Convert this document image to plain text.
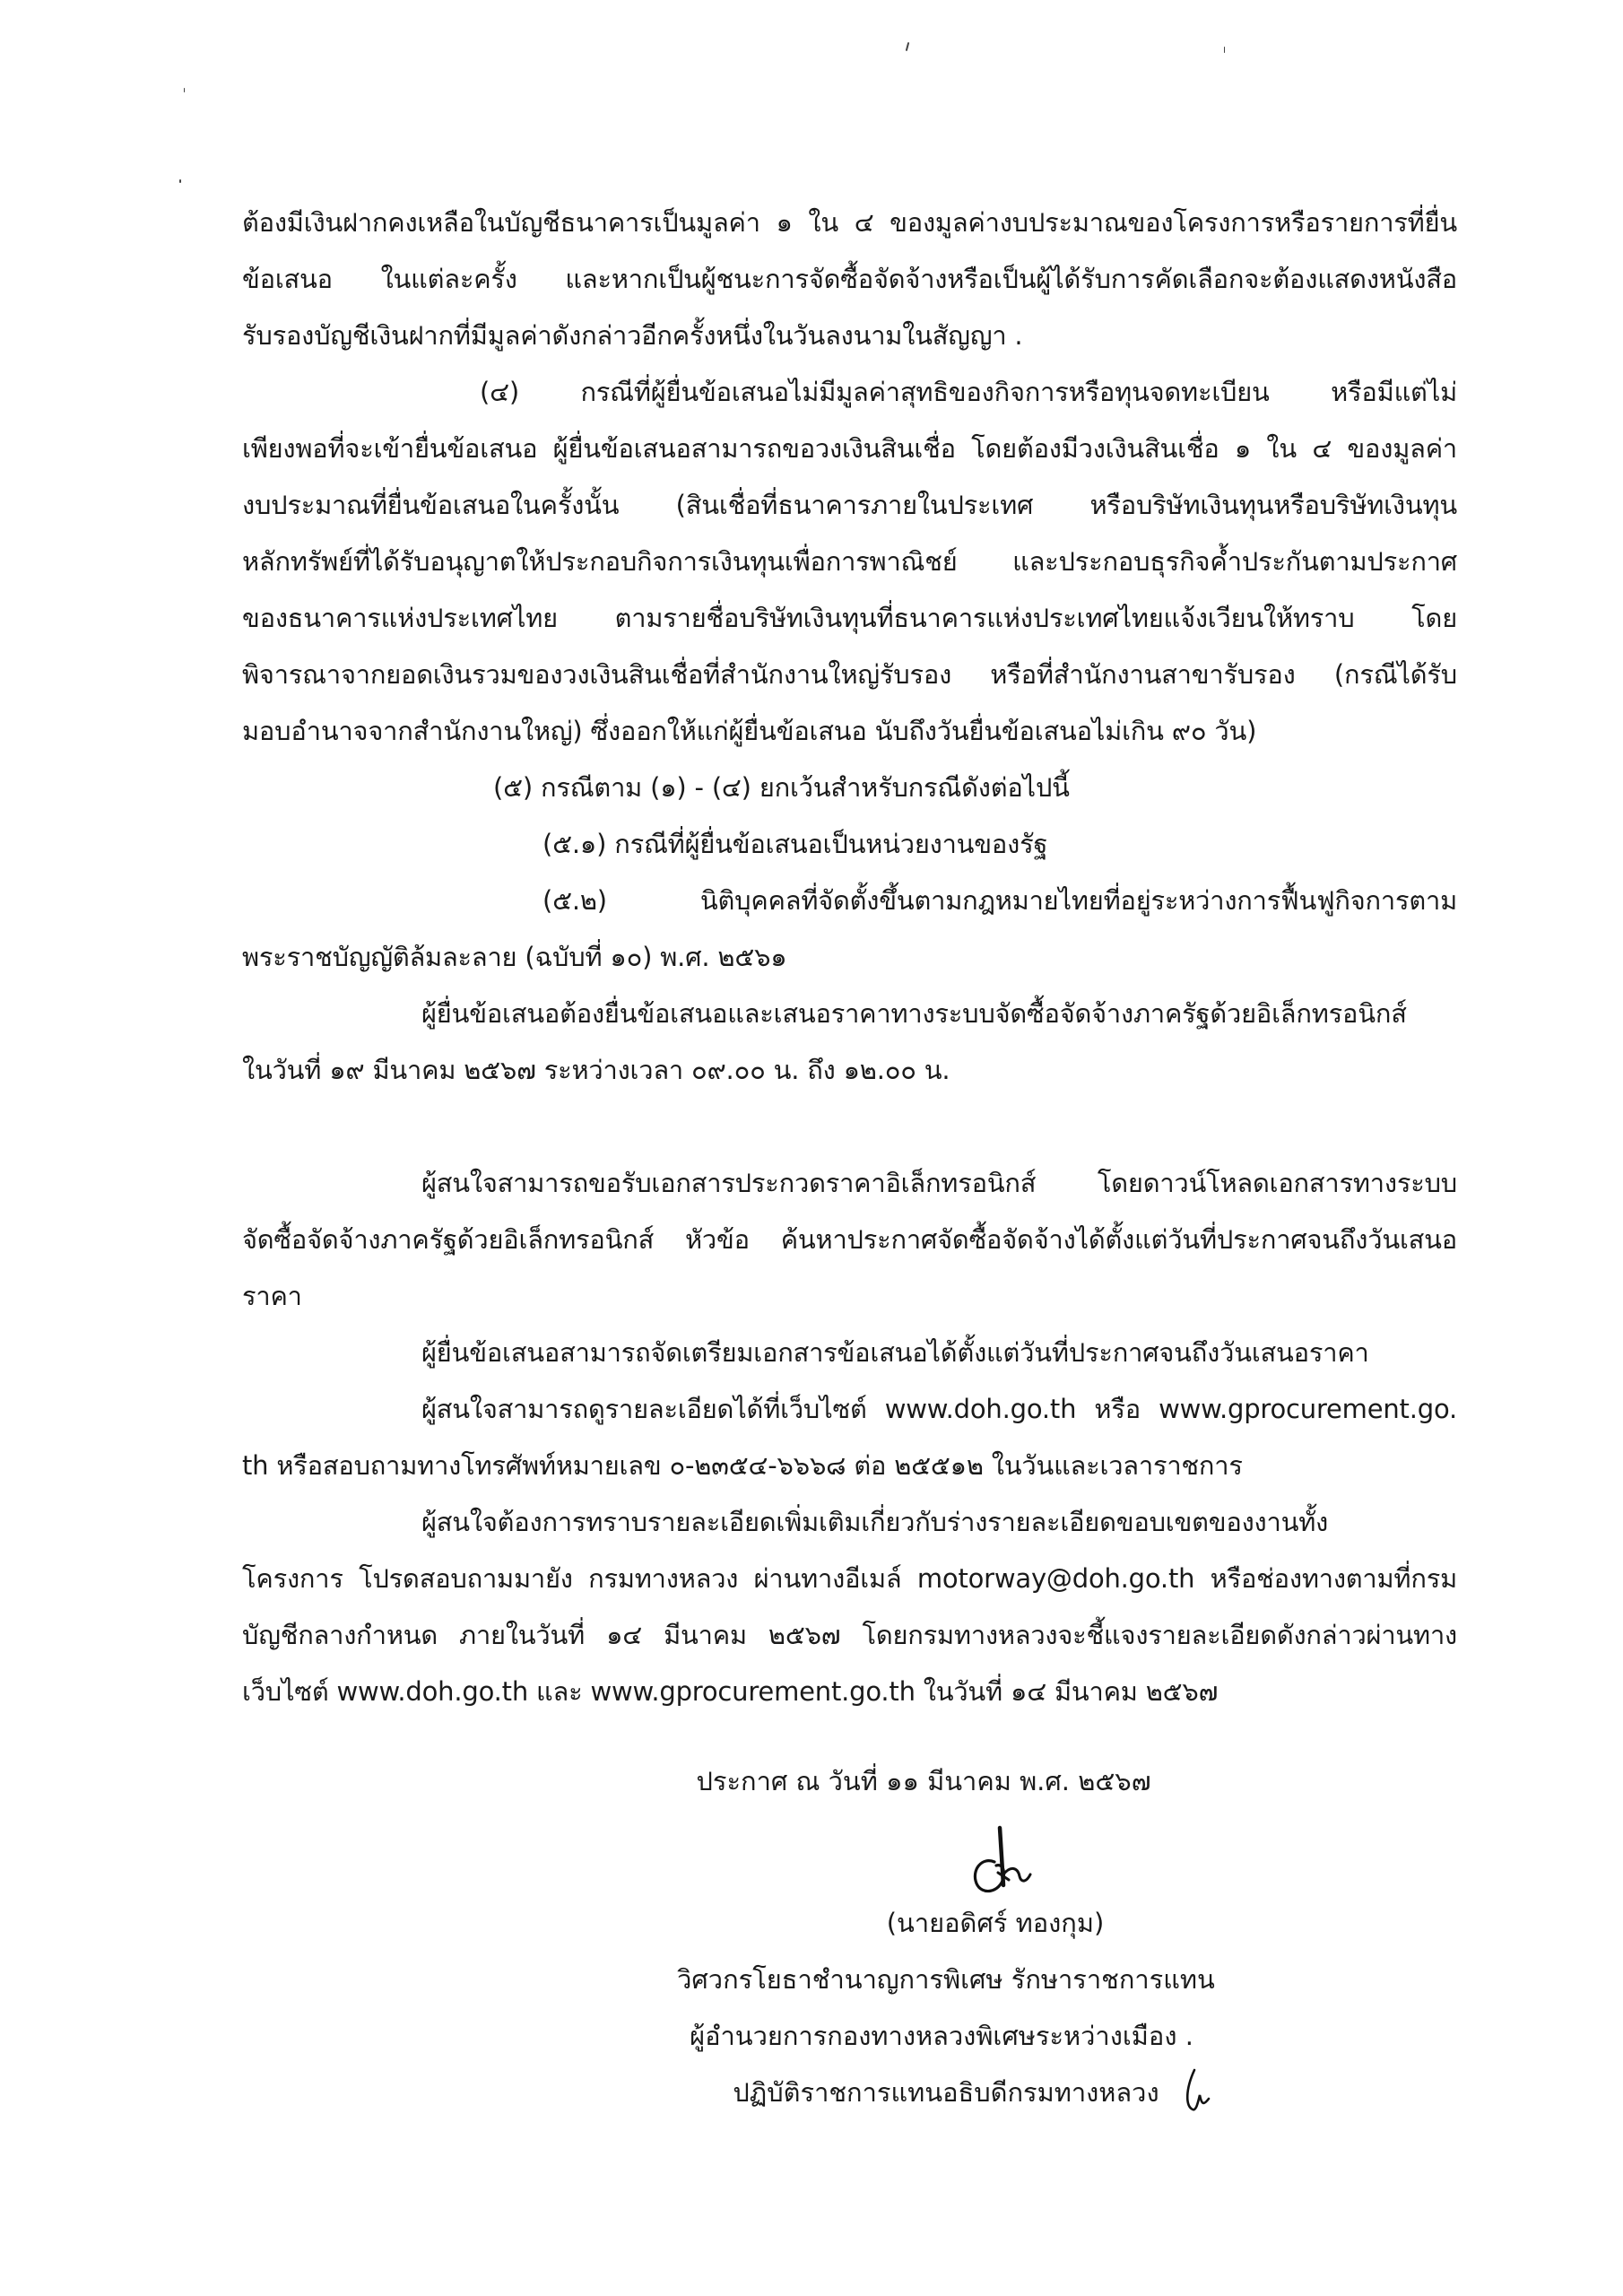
ต้องมีเงินฝากคงเหลือในบัญชีธนาคารเป็นมูลค่า ๑ ใน ๔ ของมูลค่างบประมาณของโครงการหรือรายการที่ยื่น
ข้อเสนอ ในแต่ละครั้ง และหากเป็นผู้ชนะการจัดซื้อจัดจ้างหรือเป็นผู้ได้รับการคัดเลือกจะต้องแสดงหนังสือ
รับรองบัญชีเงินฝากที่มีมูลค่าดังกล่าวอีกครั้งหนึ่งในวันลงนามในสัญญา .
(๔) กรณีที่ผู้ยื่นข้อเสนอไม่มีมูลค่าสุทธิของกิจการหรือทุนจดทะเบียน หรือมีแต่ไม่
เพียงพอที่จะเข้ายื่นข้อเสนอ ผู้ยื่นข้อเสนอสามารถขอวงเงินสินเชื่อ โดยต้องมีวงเงินสินเชื่อ ๑ ใน ๔ ของมูลค่า
งบประมาณที่ยื่นข้อเสนอในครั้งนั้น (สินเชื่อที่ธนาคารภายในประเทศ หรือบริษัทเงินทุนหรือบริษัทเงินทุน
หลักทรัพย์ที่ได้รับอนุญาตให้ประกอบกิจการเงินทุนเพื่อการพาณิชย์ และประกอบธุรกิจค้ำประกันตามประกาศ
ของธนาคารแห่งประเทศไทย ตามรายชื่อบริษัทเงินทุนที่ธนาคารแห่งประเทศไทยแจ้งเวียนให้ทราบ โดย
พิจารณาจากยอดเงินรวมของวงเงินสินเชื่อที่สำนักงานใหญ่รับรอง หรือที่สำนักงานสาขารับรอง (กรณีได้รับ
มอบอำนาจจากสำนักงานใหญ่) ซึ่งออกให้แก่ผู้ยื่นข้อเสนอ นับถึงวันยื่นข้อเสนอไม่เกิน ๙๐ วัน)
(๕) กรณีตาม (๑) - (๔) ยกเว้นสำหรับกรณีดังต่อไปนี้
(๕.๑) กรณีที่ผู้ยื่นข้อเสนอเป็นหน่วยงานของรัฐ
(๕.๒) นิติบุคคลที่จัดตั้งขึ้นตามกฎหมายไทยที่อยู่ระหว่างการฟื้นฟูกิจการตาม
พระราชบัญญัติล้มละลาย (ฉบับที่ ๑๐) พ.ศ. ๒๕๖๑
ผู้ยื่นข้อเสนอต้องยื่นข้อเสนอและเสนอราคาทางระบบจัดซื้อจัดจ้างภาครัฐด้วยอิเล็กทรอนิกส์
ในวันที่ ๑๙ มีนาคม ๒๕๖๗ ระหว่างเวลา ๐๙.๐๐ น. ถึง ๑๒.๐๐ น.
ผู้สนใจสามารถขอรับเอกสารประกวดราคาอิเล็กทรอนิกส์ โดยดาวน์โหลดเอกสารทางระบบ
จัดซื้อจัดจ้างภาครัฐด้วยอิเล็กทรอนิกส์ หัวข้อ ค้นหาประกาศจัดซื้อจัดจ้างได้ตั้งแต่วันที่ประกาศจนถึงวันเสนอ
ราคา
ผู้ยื่นข้อเสนอสามารถจัดเตรียมเอกสารข้อเสนอได้ตั้งแต่วันที่ประกาศจนถึงวันเสนอราคา
ผู้สนใจสามารถดูรายละเอียดได้ที่เว็บไซต์ www.doh.go.th หรือ www.gprocurement.go.
th หรือสอบถามทางโทรศัพท์หมายเลข ๐-๒๓๕๔-๖๖๖๘ ต่อ ๒๕๕๑๒ ในวันและเวลาราชการ
ผู้สนใจต้องการทราบรายละเอียดเพิ่มเติมเกี่ยวกับร่างรายละเอียดขอบเขตของงานทั้ง
โครงการ โปรดสอบถามมายัง กรมทางหลวง ผ่านทางอีเมล์ motorway@doh.go.th หรือช่องทางตามที่กรม
บัญชีกลางกำหนด ภายในวันที่ ๑๔ มีนาคม ๒๕๖๗ โดยกรมทางหลวงจะชี้แจงรายละเอียดดังกล่าวผ่านทาง
เว็บไซต์ www.doh.go.th และ www.gprocurement.go.th ในวันที่ ๑๔ มีนาคม ๒๕๖๗
ประกาศ ณ วันที่ ๑๑ มีนาคม พ.ศ. ๒๕๖๗
(นายอดิศร์ ทองกุม)
วิศวกรโยธาชำนาญการพิเศษ รักษาราชการแทน
ผู้อำนวยการกองทางหลวงพิเศษระหว่างเมือง .
ปฏิบัติราชการแทนอธิบดีกรมทางหลวง
